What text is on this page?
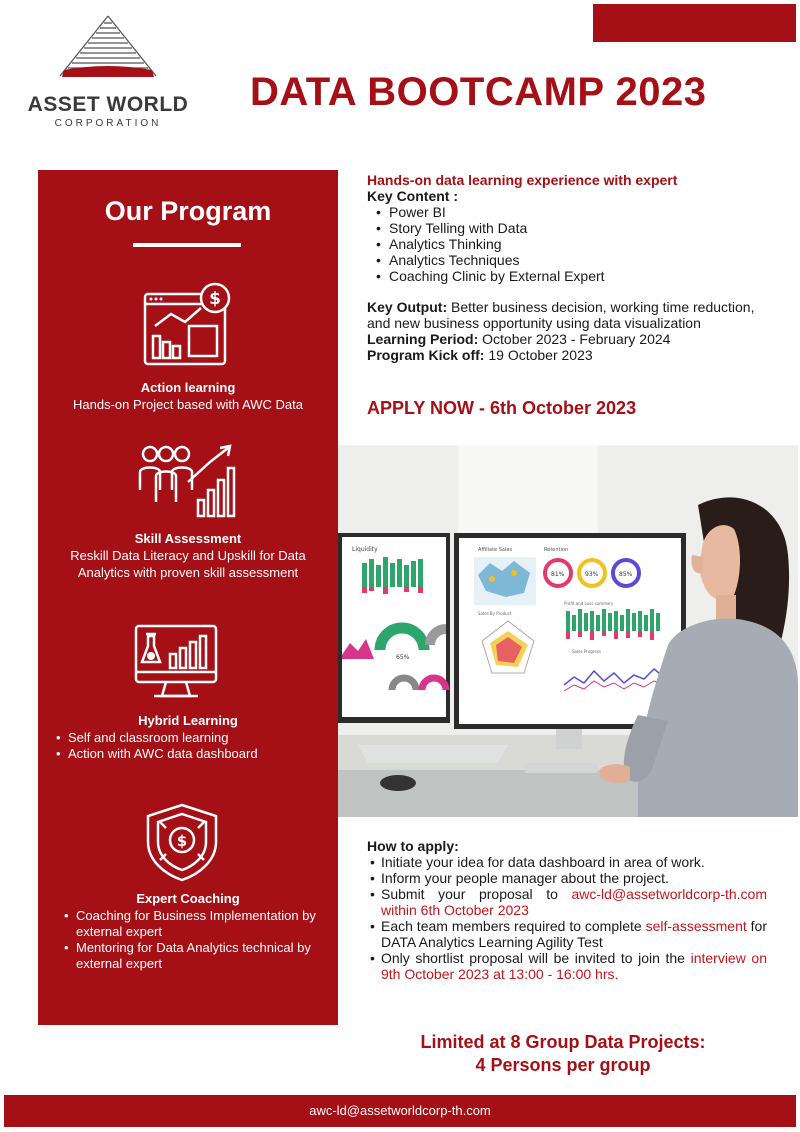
ASSET WORLD
CORPORATION
DATA BOOTCAMP 2023
Liquidity
65%
Affiliate Sales	Retention
81%	93%	85%
Profit and Loss summary
Sales By Product
Sales Progress
Our Program
$
Action learning
Hands-on Project based with AWC Data
Skill Assessment
Reskill Data Literacy and Upskill for Data
Analytics with proven skill assessment
Hybrid Learning
• Self and classroom learning
• Action with AWC data dashboard
$
Expert Coaching
• Coaching for Business Implementation by external expert
• Mentoring for Data Analytics technical by external expert
Hands-on data learning experience with expert
Key Content :
• Power BI
• Story Telling with Data
• Analytics Thinking
• Analytics Techniques
• Coaching Clinic by External Expert

Key Output: Better business decision, working time reduction, and new business opportunity using data visualization

Learning Period: October 2023 - February 2024

Program Kick off: 19 October 2023

APPLY NOW - 6th October 2023
How to apply:
• Initiate your idea for data dashboard in area of work.
• Inform your people manager about the project.
• Submit your proposal to awc-ld@assetworldcorp-th.com within 6th October 2023
• Each team members required to complete self-assessment for DATA Analytics Learning Agility Test
• Only shortlist proposal will be invited to join the interview on 9th October 2023 at 13:00 - 16:00 hrs.
Limited at 8 Group Data Projects:
4 Persons per group
awc-ld@assetworldcorp-th.com
